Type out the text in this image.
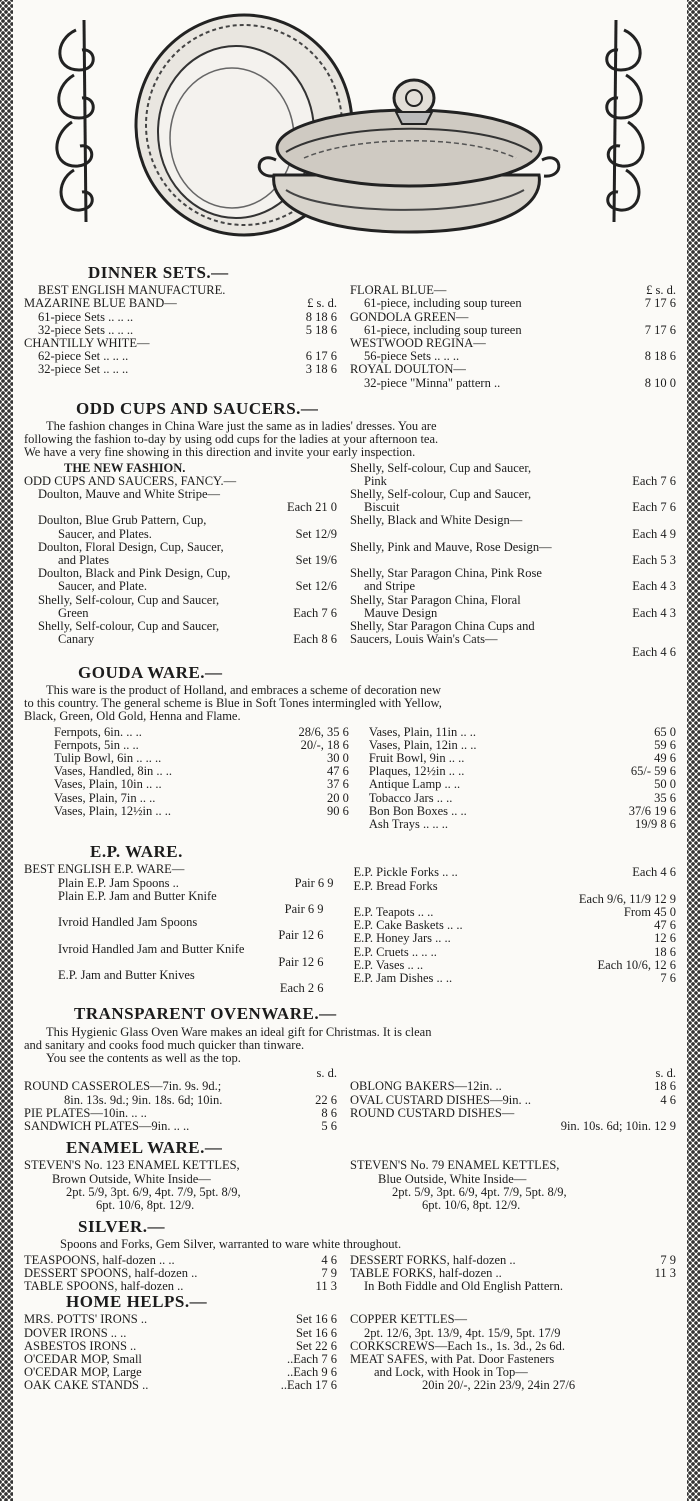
DINNER SETS.—
BEST ENGLISH MANUFACTURE.
MAZARINE BLUE BAND—	£ s. d.
61-piece Sets .. .. ..	8 18 6
32-piece Sets .. .. ..	5 18 6
CHANTILLY WHITE—
62-piece Set .. .. ..	6 17 6
32-piece Set .. .. ..	3 18 6
FLORAL BLUE—	£ s. d.
61-piece, including soup tureen	7 17 6
GONDOLA GREEN—
61-piece, including soup tureen	7 17 6
WESTWOOD REGINA—
56-piece Sets .. .. ..	8 18 6
ROYAL DOULTON—
32-piece "Minna" pattern ..	8 10 0
ODD CUPS AND SAUCERS.—

The fashion changes in China Ware just the same as in ladies' dresses. You are

following the fashion to-day by using odd cups for the ladies at your afternoon tea.

We have a very fine showing in this direction and invite your early inspection.

THE NEW FASHION.
ODD CUPS AND SAUCERS, FANCY.—
Doulton, Mauve and White Stripe—
Each 21 0
Doulton, Blue Grub Pattern, Cup,
Saucer, and Plates.	Set 12/9
Doulton, Floral Design, Cup, Saucer,
and Plates	Set 19/6
Doulton, Black and Pink Design, Cup,
Saucer, and Plate.	Set 12/6
Shelly, Self-colour, Cup and Saucer,
Green	Each 7 6
Shelly, Self-colour, Cup and Saucer,
Canary	Each 8 6
Shelly, Self-colour, Cup and Saucer,
Pink	Each 7 6
Shelly, Self-colour, Cup and Saucer,
Biscuit	Each 7 6
Shelly, Black and White Design—
Each 4 9
Shelly, Pink and Mauve, Rose Design—
Each 5 3
Shelly, Star Paragon China, Pink Rose
and Stripe	Each 4 3
Shelly, Star Paragon China, Floral
Mauve Design	Each 4 3
Shelly, Star Paragon China Cups and
Saucers, Louis Wain's Cats—
Each 4 6
GOUDA WARE.—

This ware is the product of Holland, and embraces a scheme of decoration new

to this country. The general scheme is Blue in Soft Tones intermingled with Yellow,

Black, Green, Old Gold, Henna and Flame.

Fernpots, 6in. .. ..	28/6, 35 6
Fernpots, 5in .. ..	20/-, 18 6
Tulip Bowl, 6in .. .. ..	30 0
Vases, Handled, 8in .. ..	47 6
Vases, Plain, 10in .. ..	37 6
Vases, Plain, 7in .. ..	20 0
Vases, Plain, 12½in .. ..	90 6
Vases, Plain, 11in .. ..	65 0
Vases, Plain, 12in .. ..	59 6
Fruit Bowl, 9in .. ..	49 6
Plaques, 12½in .. ..	65/- 59 6
Antique Lamp .. ..	50 0
Tobacco Jars .. ..	35 6
Bon Bon Boxes .. ..	37/6 19 6
Ash Trays .. .. ..	19/9 8 6
E.P. WARE.
BEST ENGLISH E.P. WARE—
Plain E.P. Jam Spoons ..	Pair 6 9
Plain E.P. Jam and Butter Knife
Pair 6 9
Ivroid Handled Jam Spoons
Pair 12 6
Ivroid Handled Jam and Butter Knife
Pair 12 6
E.P. Jam and Butter Knives
Each 2 6
E.P. Pickle Forks .. ..	Each 4 6
E.P. Bread Forks
Each 9/6, 11/9 12 9
E.P. Teapots .. ..	From 45 0
E.P. Cake Baskets .. ..	47 6
E.P. Honey Jars .. ..	12 6
E.P. Cruets .. .. ..	18 6
E.P. Vases .. ..	Each 10/6, 12 6
E.P. Jam Dishes .. ..	7 6
TRANSPARENT OVENWARE.—

This Hygienic Glass Oven Ware makes an ideal gift for Christmas. It is clean

and sanitary and cooks food much quicker than tinware.

You see the contents as well as the top.

s. d.
ROUND CASSEROLES—7in. 9s. 9d.;
8in. 13s. 9d.; 9in. 18s. 6d; 10in.	22 6
PIE PLATES—10in. .. ..	8 6
SANDWICH PLATES—9in. .. ..	5 6
s. d.
OBLONG BAKERS—12in. ..	18 6
OVAL CUSTARD DISHES—9in. ..	4 6
ROUND CUSTARD DISHES—
9in. 10s. 6d; 10in. 12 9
ENAMEL WARE.—
STEVEN'S No. 123 ENAMEL KETTLES,
Brown Outside, White Inside—
2pt. 5/9, 3pt. 6/9, 4pt. 7/9, 5pt. 8/9,
6pt. 10/6, 8pt. 12/9.
STEVEN'S No. 79 ENAMEL KETTLES,
Blue Outside, White Inside—
2pt. 5/9, 3pt. 6/9, 4pt. 7/9, 5pt. 8/9,
6pt. 10/6, 8pt. 12/9.
SILVER.—

Spoons and Forks, Gem Silver, warranted to ware white throughout.

TEASPOONS, half-dozen .. ..	4 6
DESSERT SPOONS, half-dozen ..	7 9
TABLE SPOONS, half-dozen ..	11 3
DESSERT FORKS, half-dozen ..	7 9
TABLE FORKS, half-dozen ..	11 3
In Both Fiddle and Old English Pattern.
HOME HELPS.—
MRS. POTTS' IRONS ..	Set 16 6
DOVER IRONS .. ..	Set 16 6
ASBESTOS IRONS ..	Set 22 6
O'CEDAR MOP, Small	..Each 7 6
O'CEDAR MOP, Large	..Each 9 6
OAK CAKE STANDS ..	..Each 17 6
COPPER KETTLES—
2pt. 12/6, 3pt. 13/9, 4pt. 15/9, 5pt. 17/9
CORKSCREWS—Each 1s., 1s. 3d., 2s 6d.
MEAT SAFES, with Pat. Door Fasteners
and Lock, with Hook in Top—
20in 20/-, 22in 23/9, 24in 27/6
